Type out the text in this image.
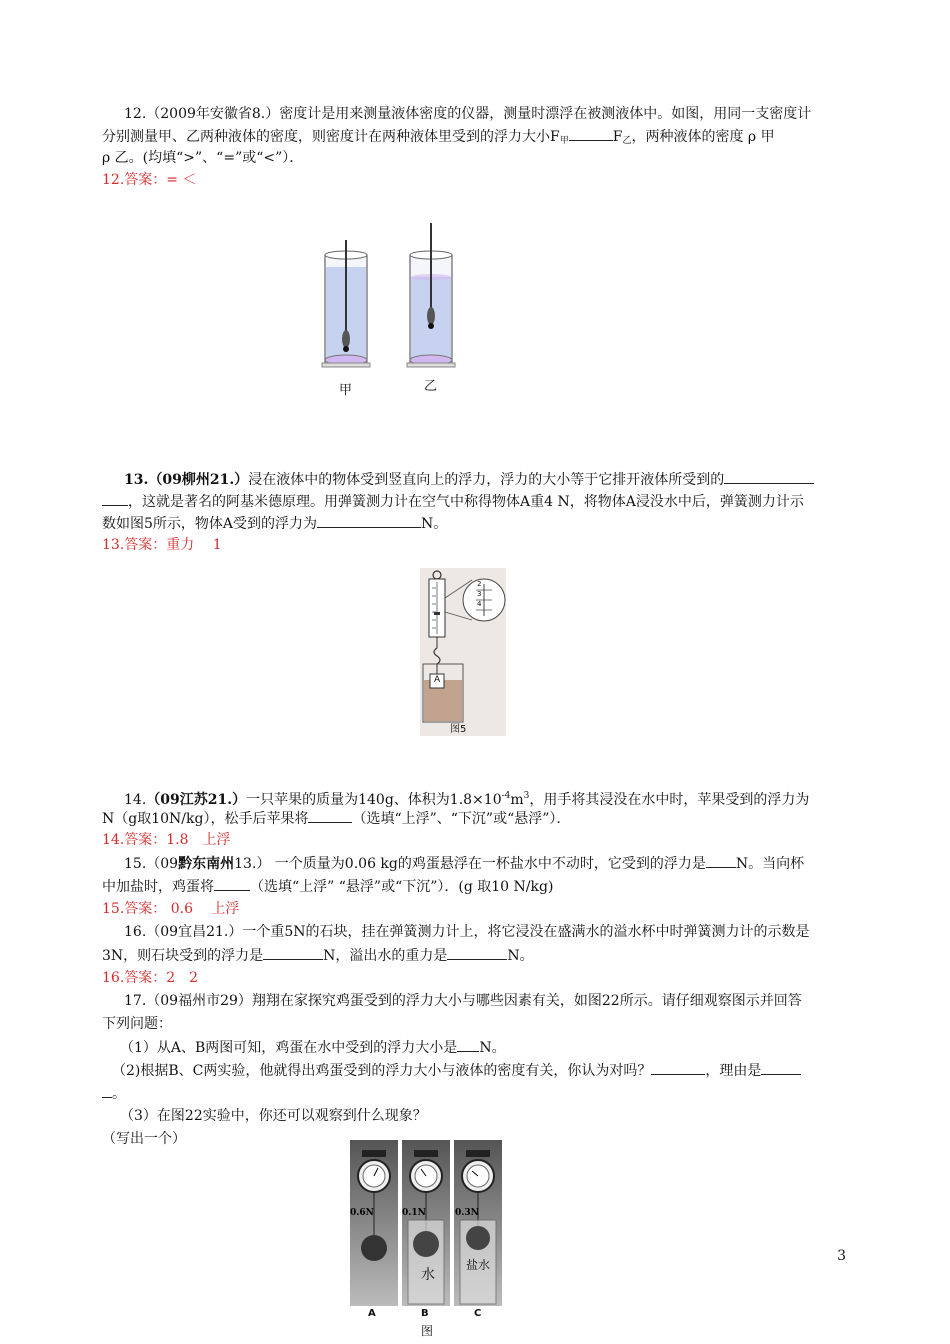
12.（2009年安徽省8.）密度计是用来测量液体密度的仪器，测量时漂浮在被测液体中。如图，用同一支密度计
分别测量甲、乙两种液体的密度，则密度计在两种液体里受到的浮力大小$F_甲$	$F_乙$，两种液体的密度 ρ 甲
ρ 乙。(均填“>”、“=”或“<”）．
12.答案：= ＜
甲	乙
13.（09柳州21.）浸在液体中的物体受到竖直向上的浮力，浮力的大小等于它排开液体所受到的
，这就是著名的阿基米德原理。用弹簧测力计在空气中称得物体A重4 N，将物体A浸没水中后，弹簧测力计示
数如图5所示，物体A受到的浮力为	N。
13.答案：重力　 1
2
3
4
A
图5
14.（09江苏21.）一只苹果的质量为140g、体积为$1.8\times 10^{-4}m^3$，用手将其浸没在水中时，苹果受到的浮力为
N（g取10N/kg），松手后苹果将	（选填“上浮”、“下沉”或“悬浮”）．
14.答案：1.8　上浮
15.（09黔东南州13.） 一个质量为0.06 kg的鸡蛋悬浮在一杯盐水中不动时，它受到的浮力是 N。当向杯
中加盐时，鸡蛋将	（选填“上浮” “悬浮”或“下沉”）．(g 取10 N/kg)
15.答案： 0.6　 上浮
16.（09宜昌21.）一个重5N的石块，挂在弹簧测力计上，将它浸没在盛满水的溢水杯中时弹簧测力计的示数是
3N，则石块受到的浮力是	N，溢出水的重力是	N。
16.答案：2　2
17.（09福州市29）翔翔在家探究鸡蛋受到的浮力大小与哪些因素有关，如图22所示。请仔细观察图示并回答
下列问题：
（1）从A、B两图可知，鸡蛋在水中受到的浮力大小是 N。
（2)根据B、C两实验，他就得出鸡蛋受到的浮力大小与液体的密度有关，你认为对吗？	，理由是
。
（3）在图22实验中，你还可以观察到什么现象？
（写出一个）
0.6N	0.1N	0.3N
水
盐水
A	B	C
图
3
